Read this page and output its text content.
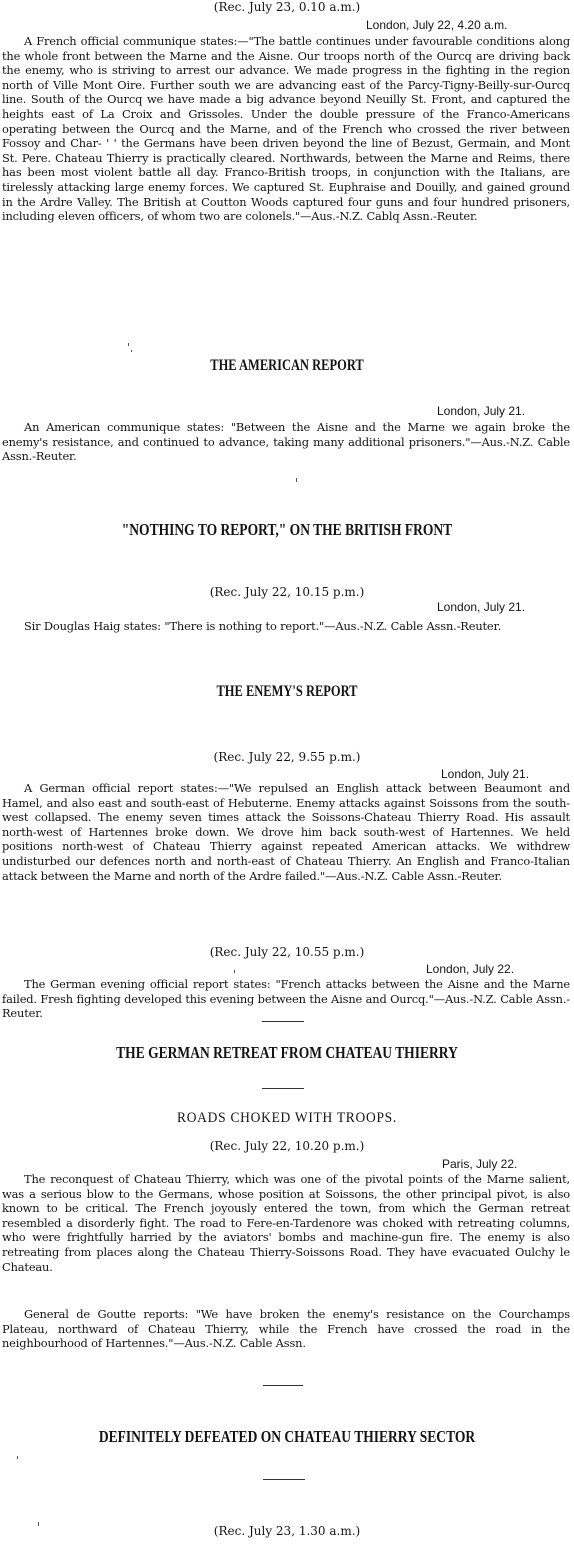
(Rec. July 23, 0.10 a.m.)
London, July 22, 4.20 a.m.

A French official communique states:—"The battle continues under favourable conditions along the whole front between the Marne and the Aisne. Our troops north of the Ourcq are driving back the enemy, who is striving to arrest our advance. We made progress in the fighting in the region north of Ville Mont Oire. Further south we are advancing east of the Parcy-Tigny-Beilly-sur-Ourcq line. South of the Ourcq we have made a big advance beyond Neuilly St. Front, and captured the heights east of La Croix and Grissoles. Under the double pressure of the Franco-Americans operating between the Ourcq and the Marne, and of the French who crossed the river between Fossoy and Char- ' ' the Germans have been driven beyond the line of Bezust, Germain, and Mont St. Pere. Chateau Thierry is practically cleared. Northwards, between the Marne and Reims, there has been most violent battle all day. Franco-British troops, in conjunction with the Italians, are tirelessly attacking large enemy forces. We captured St. Euphraise and Douilly, and gained ground in the Ardre Valley. The British at Coutton Woods captured four guns and four hundred prisoners, including eleven officers, of whom two are colonels."—Aus.-N.Z. Cablq Assn.-Reuter.

THE AMERICAN REPORT
London, July 21.

An American communique states: "Between the Aisne and the Marne we again broke the enemy's resistance, and continued to advance, taking many additional prisoners."—Aus.-N.Z. Cable Assn.-Reuter.

"NOTHING TO REPORT," ON THE BRITISH FRONT
(Rec. July 22, 10.15 p.m.)
London, July 21.

Sir Douglas Haig states: "There is nothing to report."—Aus.-N.Z. Cable Assn.-Reuter.

THE ENEMY'S REPORT
(Rec. July 22, 9.55 p.m.)
London, July 21.

A German official report states:—"We repulsed an English attack between Beaumont and Hamel, and also east and south-east of Hebuterne. Enemy attacks against Soissons from the south-west collapsed. The enemy seven times attack the Soissons-Chateau Thierry Road. His assault north-west of Hartennes broke down. We drove him back south-west of Hartennes. We held positions north-west of Chateau Thierry against repeated American attacks. We withdrew undisturbed our defences north and north-east of Chateau Thierry. An English and Franco-Italian attack between the Marne and north of the Ardre failed."—Aus.-N.Z. Cable Assn.-Reuter.

(Rec. July 22, 10.55 p.m.)
London, July 22.

The German evening official report states: "French attacks between the Aisne and the Marne failed. Fresh fighting developed this evening between the Aisne and Ourcq."—Aus.-N.Z. Cable Assn.-Reuter.

THE GERMAN RETREAT FROM CHATEAU THIERRY
ROADS CHOKED WITH TROOPS.
(Rec. July 22, 10.20 p.m.)
Paris, July 22.

The reconquest of Chateau Thierry, which was one of the pivotal points of the Marne salient, was a serious blow to the Germans, whose position at Soissons, the other principal pivot, is also known to be critical. The French joyously entered the town, from which the German retreat resembled a disorderly fight. The road to Fere-en-Tardenore was choked with retreating columns, who were frightfully harried by the aviators' bombs and machine-gun fire. The enemy is also retreating from places along the Chateau Thierry-Soissons Road. They have evacuated Oulchy le Chateau.

General de Goutte reports: "We have broken the enemy's resistance on the Courchamps Plateau, northward of Chateau Thierry, while the French have crossed the road in the neighbourhood of Hartennes."—Aus.-N.Z. Cable Assn.

DEFINITELY DEFEATED ON CHATEAU THIERRY SECTOR
(Rec. July 23, 1.30 a.m.)
